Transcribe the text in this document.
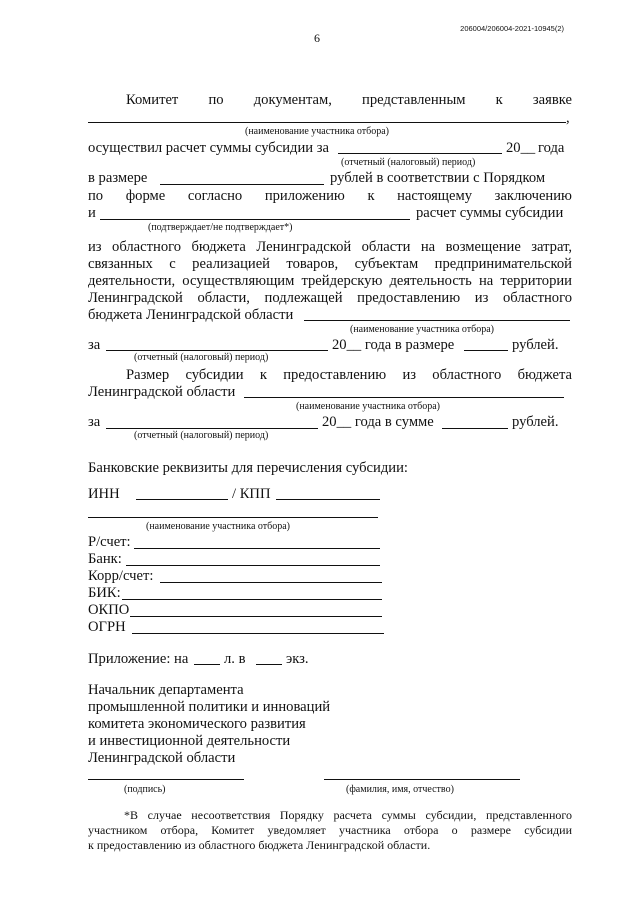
206004/206004-2021-10945(2)
6
Комитет по документам, представленным к заявке
,
(наименование участника отбора)
осуществил расчет суммы субсидии за	20__ года
(отчетный (налоговый) период)
в размере	рублей в соответствии с Порядком
по форме согласно приложению к настоящему заключению
и	расчет суммы субсидии
(подтверждает/не подтверждает*)
из областного бюджета Ленинградской области на возмещение затрат,
связанных с реализацией товаров, субъектам предпринимательской
деятельности, осуществляющим трейдерскую деятельность на территории
Ленинградской области, подлежащей предоставлению из областного
бюджета Ленинградской области
(наименование участника отбора)
за	20__ года в размере	рублей.
(отчетный (налоговый) период)
Размер субсидии к предоставлению из областного бюджета
Ленинградской области
(наименование участника отбора)
за	20__ года в сумме	рублей.
(отчетный (налоговый) период)
Банковские реквизиты для перечисления субсидии:
ИНН	/ КПП
(наименование участника отбора)
Р/счет:
Банк:
Корр/счет:
БИК:
ОКПО
ОГРН
Приложение: на л. в	экз.
Начальник департамента
промышленной политики и инноваций
комитета экономического развития
и инвестиционной деятельности
Ленинградской области
(подпись)	(фамилия, имя, отчество)
*В случае несоответствия Порядку расчета суммы субсидии, представленного
участником отбора, Комитет уведомляет участника отбора о размере субсидии
к предоставлению из областного бюджета Ленинградской области.
